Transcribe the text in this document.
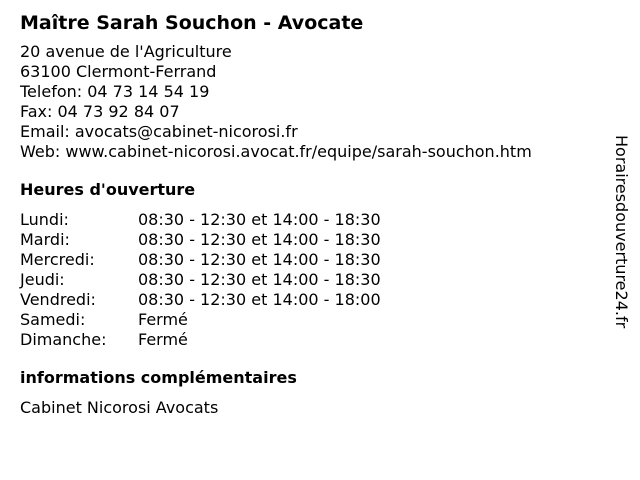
Maître Sarah Souchon - Avocate
20 avenue de l'Agriculture
63100 Clermont-Ferrand
Telefon: 04 73 14 54 19
Fax: 04 73 92 84 07
Email: avocats@cabinet-nicorosi.fr
Web: www.cabinet-nicorosi.avocat.fr/equipe/sarah-souchon.htm
Heures d'ouverture
Lundi:	08:30 - 12:30 et 14:00 - 18:30
Mardi:	08:30 - 12:30 et 14:00 - 18:30
Mercredi:	08:30 - 12:30 et 14:00 - 18:30
Jeudi:	08:30 - 12:30 et 14:00 - 18:30
Vendredi:	08:30 - 12:30 et 14:00 - 18:00
Samedi:	Fermé
Dimanche:	Fermé
informations complémentaires
Cabinet Nicorosi Avocats
Horairesdouverture24.fr
